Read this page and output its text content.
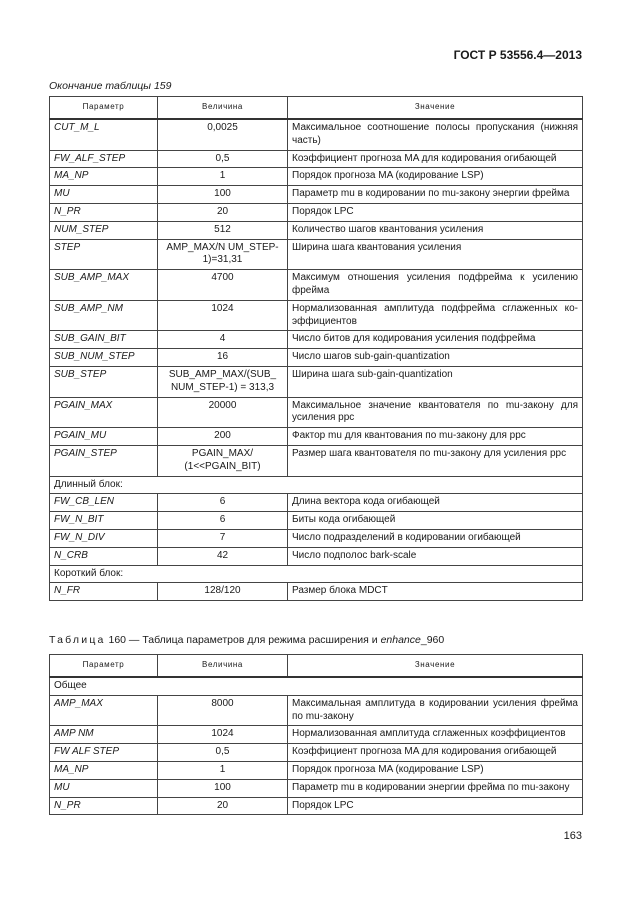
ГОСТ Р 53556.4—2013
Окончание таблицы 159
Параметр	Величина	Значение
CUT_M_L	0,0025	Максимальное соотношение полосы пропускания (нижняя часть)
FW_ALF_STEP	0,5	Коэффициент прогноза MA для кодирования огибающей
MA_NP	1	Порядок прогноза MA (кодирование LSP)
MU	100	Параметр mu в кодировании по mu-закону энергии фрейма
N_PR	20	Порядок LPC
NUM_STEP	512	Количество шагов квантования усиления
STEP	AMP_MAX/N UM_STEP-1)=31,31	Ширина шага квантования усиления
SUB_AMP_MAX	4700	Максимум отношения усиления подфрейма к усилению фрейма
SUB_AMP_NM	1024	Нормализованная амплитуда подфрейма сглаженных ко-эффициентов
SUB_GAIN_BIT	4	Число битов для кодирования усиления подфрейма
SUB_NUM_STEP	16	Число шагов sub-gain-quantization
SUB_STEP	SUB_AMP_MAX/(SUB_ NUM_STEP-1) = 313,3	Ширина шага sub-gain-quantization
PGAIN_MAX	20000	Максимальное значение квантователя по mu-закону для усиления ppc
PGAIN_MU	200	Фактор mu для квантования по mu-закону для ppc
PGAIN_STEP	PGAIN_MAX/ (1<<PGAIN_BIT)	Размер шага квантователя по mu-закону для усиления ppc
Длинный блок:		
FW_CB_LEN	6	Длина вектора кода огибающей
FW_N_BIT	6	Биты кода огибающей
FW_N_DIV	7	Число подразделений в кодировании огибающей
N_CRB	42	Число подполос bark-scale
Короткий блок:		
N_FR	128/120	Размер блока MDCT
Таблица 160 — Таблица параметров для режима расширения и enhance_960
Параметр	Величина	Значение
Общее		
AMP_MAX	8000	Максимальная амплитуда в кодировании усиления фрейма по mu-закону
AMP NM	1024	Нормализованная амплитуда сглаженных коэффициентов
FW ALF STEP	0,5	Коэффициент прогноза MA для кодирования огибающей
MA_NP	1	Порядок прогноза MA (кодирование LSP)
MU	100	Параметр mu в кодировании энергии фрейма по mu-закону
N_PR	20	Порядок LPC
163
